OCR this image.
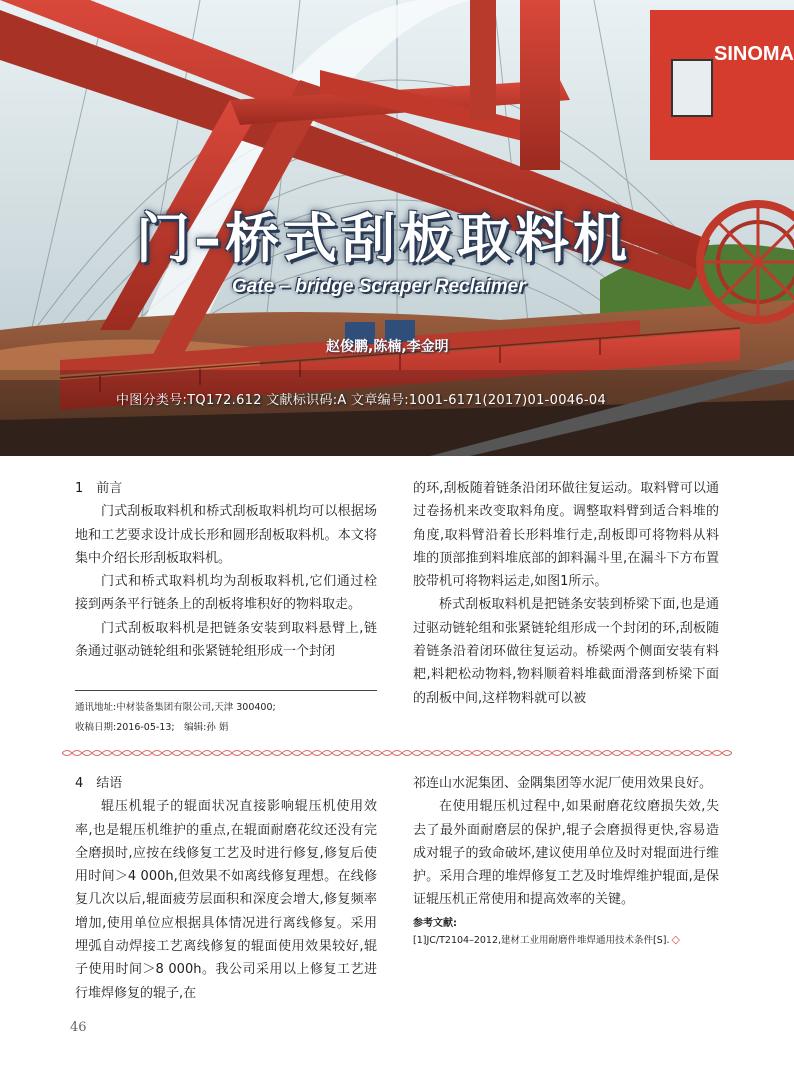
SINOMA
门–桥式刮板取料机
Gate – bridge Scraper Reclaimer
赵俊鹏,陈楠,李金明
中图分类号:TQ172.612 文献标识码:A 文章编号:1001-6171(2017)01-0046-04

1　前言

门式刮板取料机和桥式刮板取料机均可以根据场地和工艺要求设计成长形和圆形刮板取料机。本文将集中介绍长形刮板取料机。

门式和桥式取料机均为刮板取料机,它们通过栓接到两条平行链条上的刮板将堆积好的物料取走。

门式刮板取料机是把链条安装到取料悬臂上,链条通过驱动链轮组和张紧链轮组形成一个封闭

的环,刮板随着链条沿闭环做往复运动。取料臂可以通过卷扬机来改变取料角度。调整取料臂到适合料堆的角度,取料臂沿着长形料堆行走,刮板即可将物料从料堆的顶部推到料堆底部的卸料漏斗里,在漏斗下方布置胶带机可将物料运走,如图1所示。

桥式刮板取料机是把链条安装到桥梁下面,也是通过驱动链轮组和张紧链轮组形成一个封闭的环,刮板随着链条沿着闭环做往复运动。桥梁两个侧面安装有料耙,料耙松动物料,物料顺着料堆截面滑落到桥梁下面的刮板中间,这样物料就可以被

通讯地址:中材装备集团有限公司,天津 300400;
收稿日期:2016-05-13;　编辑:孙 娟

4　结语

辊压机辊子的辊面状况直接影响辊压机使用效率,也是辊压机维护的重点,在辊面耐磨花纹还没有完全磨损时,应按在线修复工艺及时进行修复,修复后使用时间＞4 000h,但效果不如离线修复理想。在线修复几次以后,辊面疲劳层面积和深度会增大,修复频率增加,使用单位应根据具体情况进行离线修复。采用埋弧自动焊接工艺离线修复的辊面使用效果较好,辊子使用时间＞8 000h。我公司采用以上修复工艺进行堆焊修复的辊子,在

祁连山水泥集团、金隅集团等水泥厂使用效果良好。

在使用辊压机过程中,如果耐磨花纹磨损失效,失去了最外面耐磨层的保护,辊子会磨损得更快,容易造成对辊子的致命破坏,建议使用单位及时对辊面进行维护。采用合理的堆焊修复工艺及时堆焊维护辊面,是保证辊压机正常使用和提高效率的关键。

参考文献:

[1]JC/T2104–2012,建材工业用耐磨件堆焊通用技术条件[S]. ◇

46
